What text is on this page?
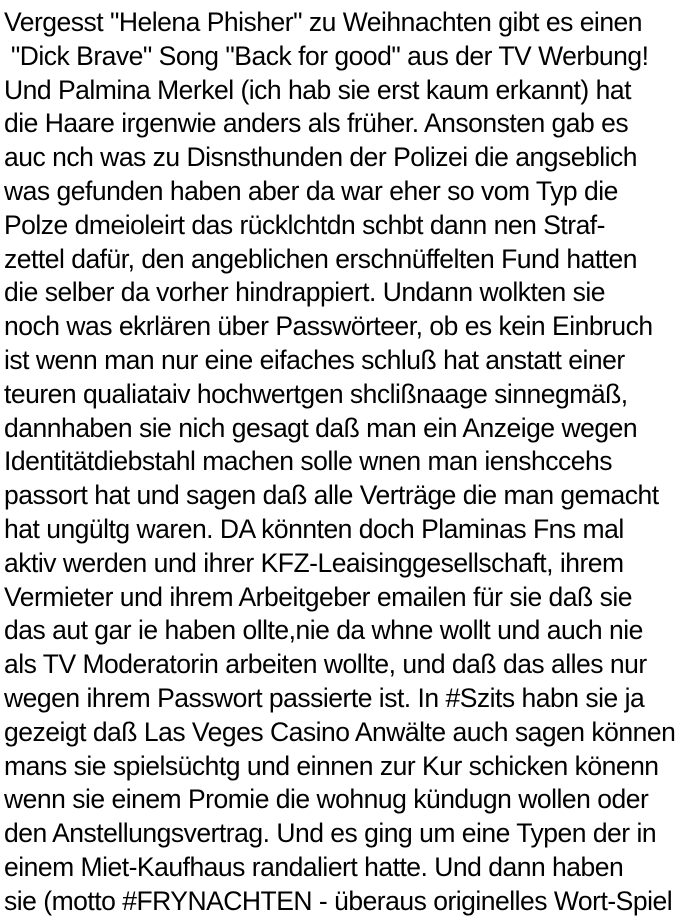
Vergesst "Helena Phisher" zu Weihnachten gibt es einen
"Dick Brave" Song "Back for good" aus der TV Werbung!
Und Palmina Merkel (ich hab sie erst kaum erkannt) hat
die Haare irgenwie anders als früher. Ansonsten gab es
auc nch was zu Disnsthunden der Polizei die angseblich
was gefunden haben aber da war eher so vom Typ die
Polze dmeioleirt das rücklchtdn schbt dann nen Straf-
zettel dafür, den angeblichen erschnüffelten Fund hatten
die selber da vorher hindrappiert. Undann wolkten sie
noch was ekrlären über Passwörteer, ob es kein Einbruch
ist wenn man nur eine eifaches schluß hat anstatt einer
teuren qualiataiv hochwertgen shclißnaage sinnegmäß,
dannhaben sie nich gesagt daß man ein Anzeige wegen
Identitätdiebstahl machen solle wnen man ienshccehs
passort hat und sagen daß alle Verträge die man gemacht
hat ungültg waren. DA könnten doch Plaminas Fns mal
aktiv werden und ihrer KFZ-Leaisinggesellschaft, ihrem
Vermieter und ihrem Arbeitgeber emailen für sie daß sie
das aut gar ie haben ollte,nie da whne wollt und auch nie
als TV Moderatorin arbeiten wollte, und daß das alles nur
wegen ihrem Passwort passierte ist. In #Szits habn sie ja
gezeigt daß Las Veges Casino Anwälte auch sagen können
mans sie spielsüchtg und einnen zur Kur schicken könenn
wenn sie einem Promie die wohnug kündugn wollen oder
den Anstellungsvertrag. Und es ging um eine Typen der in
einem Miet-Kaufhaus randaliert hatte. Und dann haben
sie (motto #FRYNACHTEN - überaus originelles Wort-Spiel
